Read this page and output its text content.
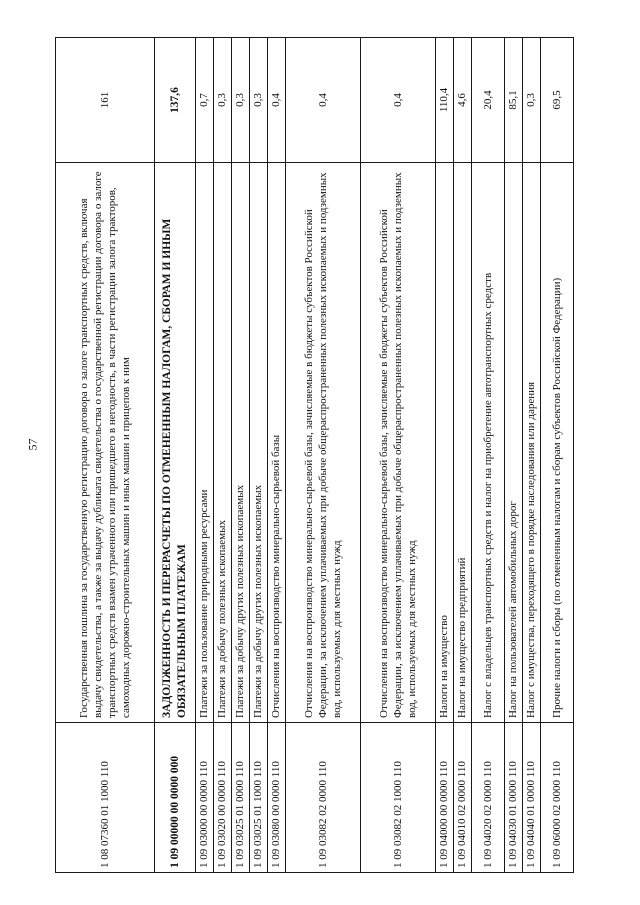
57
1 08 07360 01 1000 110	Государственная пошлина за государственную регистрацию договора о залоге транспортных средств, включая выдачу свидетельства, а также за выдачу дубликата свидетельства о государственной регистрации договора о залоге транспортных средств взамен утраченного или пришедшего в негодность, в части регистрации залога тракторов, самоходных дорожно-строительных машин и иных машин и прицепов к ним	161
1 09 00000 00 0000 000	ЗАДОЛЖЕННОСТЬ И ПЕРЕРАСЧЕТЫ ПО ОТМЕНЕННЫМ НАЛОГАМ, СБОРАМ И ИНЫМ ОБЯЗАТЕЛЬНЫМ ПЛАТЕЖАМ	137,6
1 09 03000 00 0000 110	Платежи за пользование природными ресурсами	0,7
1 09 03020 00 0000 110	Платежи за добычу полезных ископаемых	0,3
1 09 03025 01 0000 110	Платежи за добычу других полезных ископаемых	0,3
1 09 03025 01 1000 110	Платежи за добычу других полезных ископаемых	0,3
1 09 03080 00 0000 110	Отчисления на воспроизводство минерально-сырьевой базы	0,4
1 09 03082 02 0000 110	Отчисления на воспроизводство минерально-сырьевой базы, зачисляемые в бюджеты субъектов Российской Федерации, за исключением уплачиваемых при добыче общераспространенных полезных ископаемых и подземных вод, используемых для местных нужд	0,4
1 09 03082 02 1000 110	Отчисления на воспроизводство минерально-сырьевой базы, зачисляемые в бюджеты субъектов Российской Федерации, за исключением уплачиваемых при добыче общераспространенных полезных ископаемых и подземных вод, используемых для местных нужд	0,4
1 09 04000 00 0000 110	Налоги на имущество	110,4
1 09 04010 02 0000 110	Налог на имущество предприятий	4,6
1 09 04020 02 0000 110	Налог с владельцев транспортных средств и налог на приобретение автотранспортных средств	20,4
1 09 04030 01 0000 110	Налог на пользователей автомобильных дорог	85,1
1 09 04040 01 0000 110	Налог с имущества, переходящего в порядке наследования или дарения	0,3
1 09 06000 02 0000 110	Прочие налоги и сборы (по отмененным налогам и сборам субъектов Российской Федерации)	69,5
